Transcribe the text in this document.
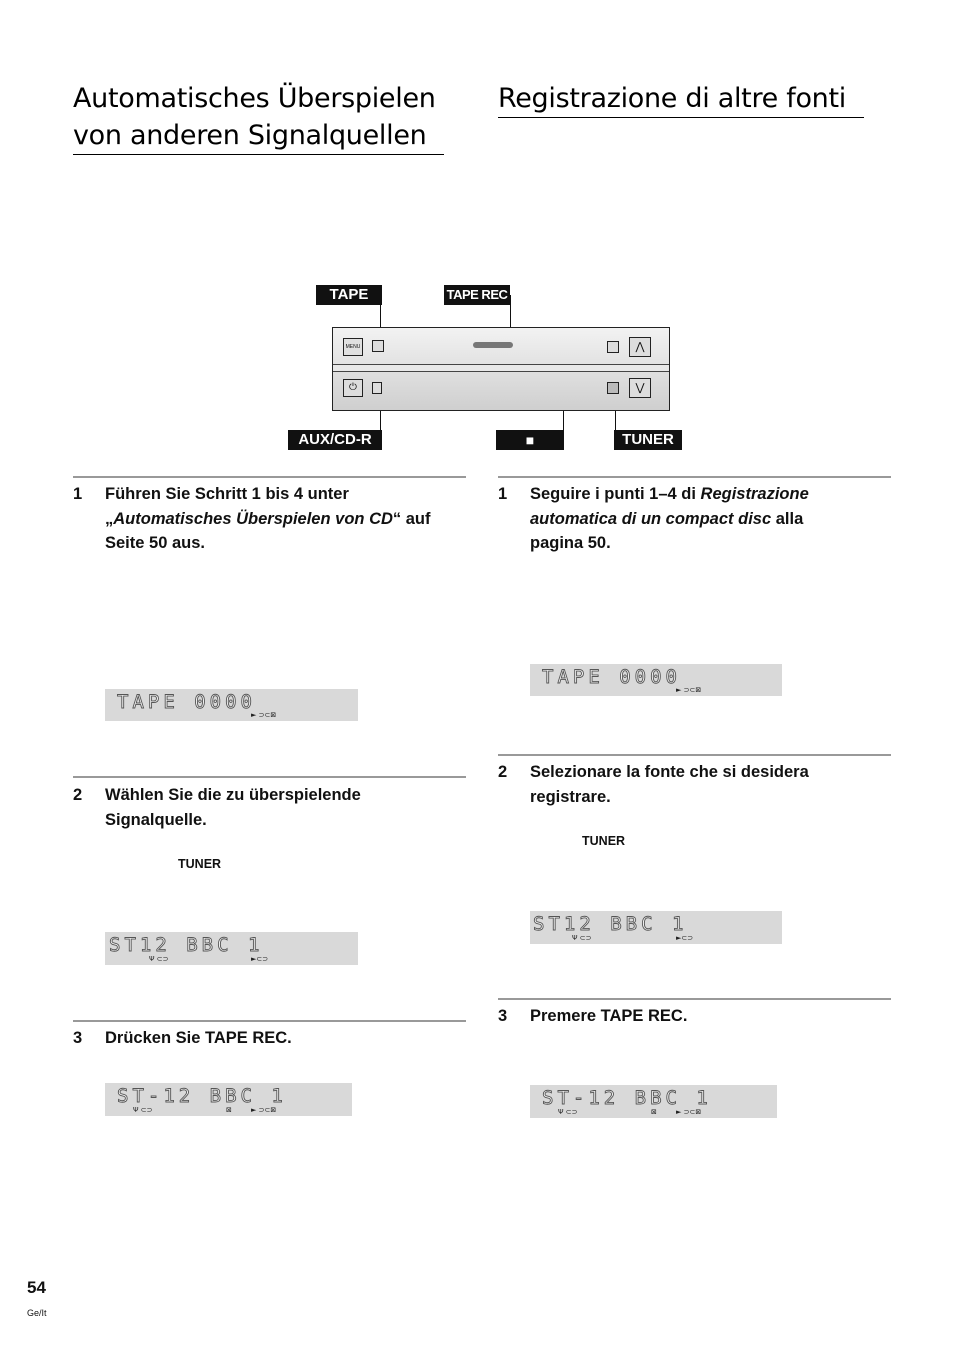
Automatisches Überspielen
von anderen Signalquellen
Registrazione di altre fonti
TAPE	TAPE REC
AUX/CD-R	■	TUNER
MENU	⋀
⏻	⋁
1 Führen Sie Schritt 1 bis 4 unter
„Automatisches Überspielen von CD“ auf
Seite 50 aus.
2 Wählen Sie die zu überspielende
Signalquelle.
TUNER
3 Drücken Sie TAPE REC.
1 Seguire i punti 1–4 di Registrazione
automatica di un compact disc alla
pagina 50.
2 Selezionare la fonte che si desidera
registrare.
TUNER
3 Premere TAPE REC.
TAPE 0000
► ⊃⊂⊠
ST12 BBC 1
Ψ ⊂⊃	►⊂⊃
ST-12 BBC 1
Ψ ⊂⊃	⊠	► ⊃⊂⊠
TAPE 0000
► ⊃⊂⊠
ST12 BBC 1
Ψ ⊂⊃	►⊂⊃
ST-12 BBC 1
Ψ ⊂⊃	⊠	► ⊃⊂⊠
54
Ge/It
